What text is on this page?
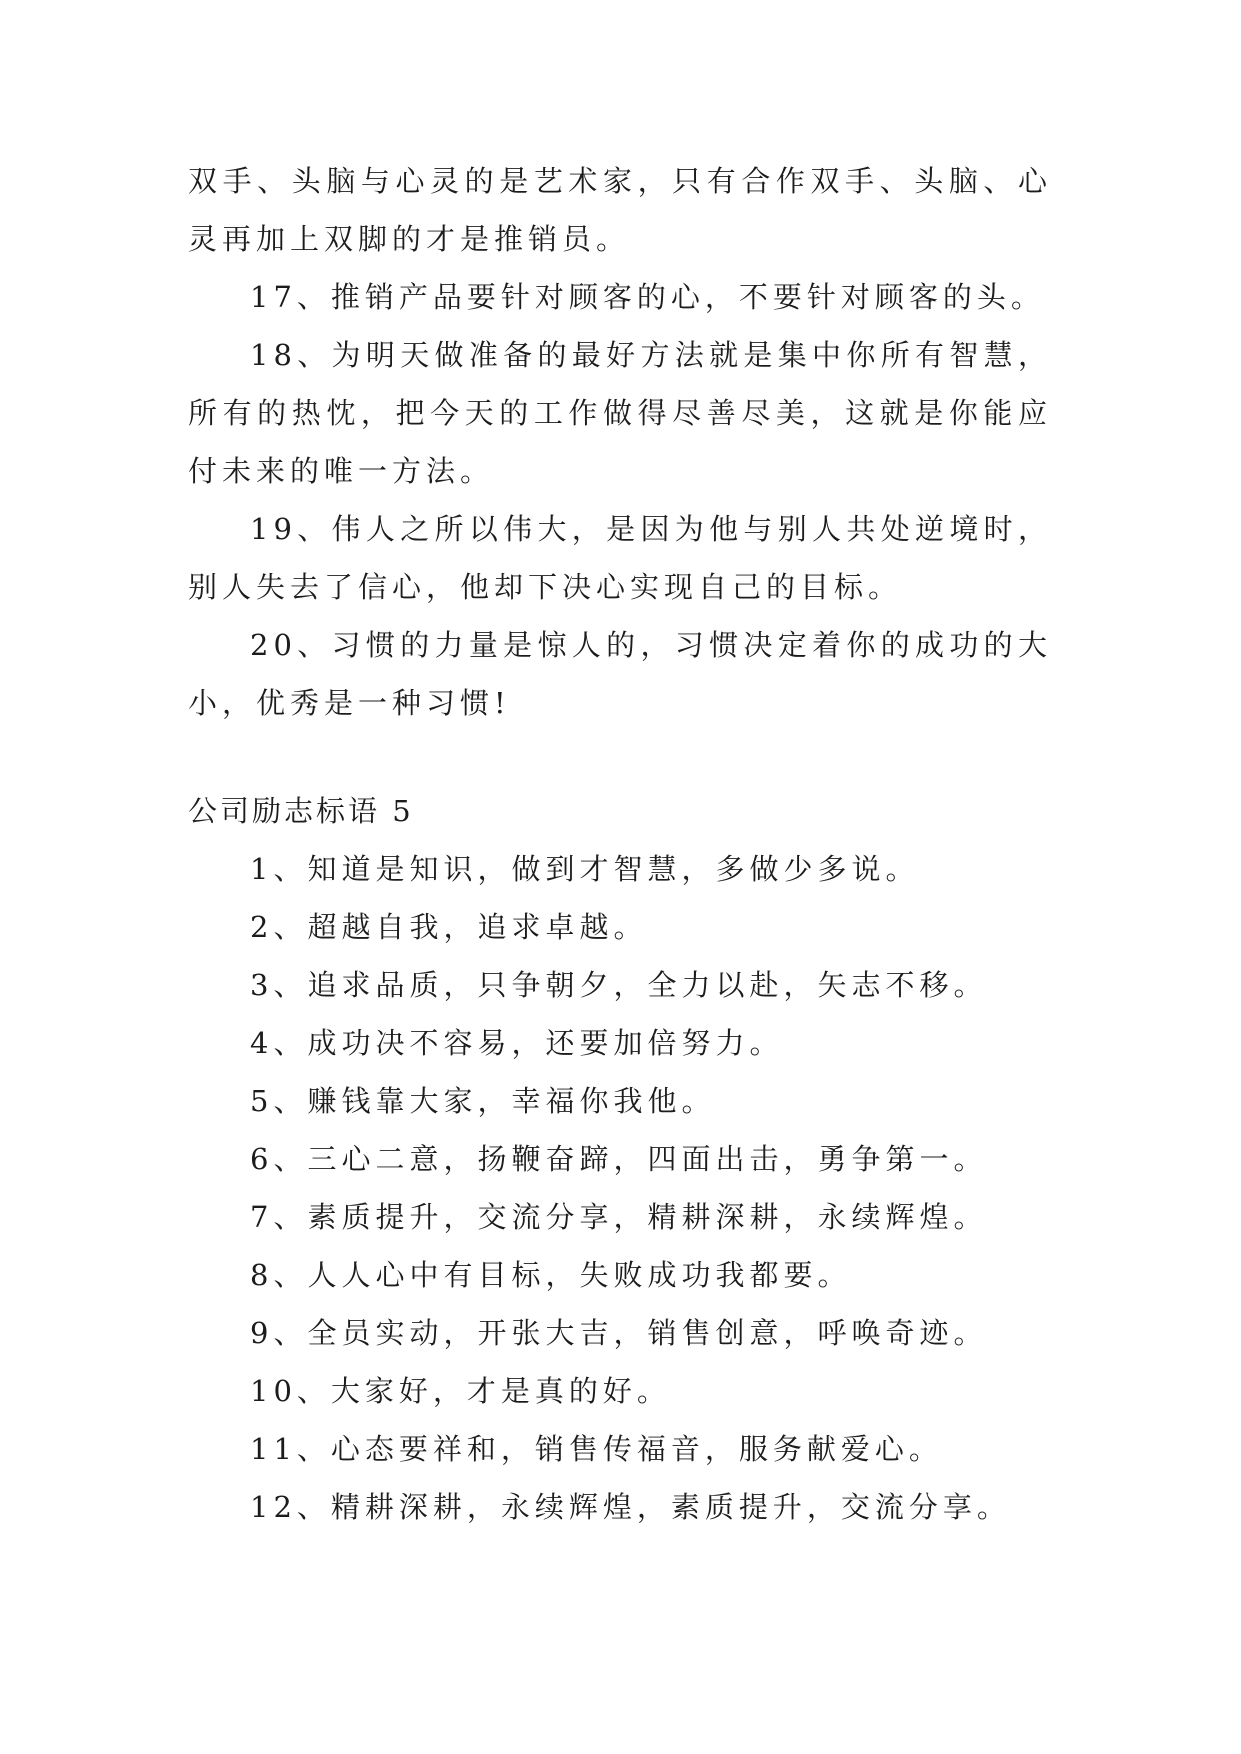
双手、头脑与心灵的是艺术家，只有合作双手、头脑、心灵再加上双脚的才是推销员。

17、推销产品要针对顾客的心，不要针对顾客的头。

18、为明天做准备的最好方法就是集中你所有智慧，所有的热忱，把今天的工作做得尽善尽美，这就是你能应付未来的唯一方法。

19、伟人之所以伟大，是因为他与别人共处逆境时，别人失去了信心，他却下决心实现自己的目标。

20、习惯的力量是惊人的，习惯决定着你的成功的大小，优秀是一种习惯!

公司励志标语 5

1、知道是知识，做到才智慧，多做少多说。

2、超越自我，追求卓越。

3、追求品质，只争朝夕，全力以赴，矢志不移。

4、成功决不容易，还要加倍努力。

5、赚钱靠大家，幸福你我他。

6、三心二意，扬鞭奋蹄，四面出击，勇争第一。

7、素质提升，交流分享，精耕深耕，永续辉煌。

8、人人心中有目标，失败成功我都要。

9、全员实动，开张大吉，销售创意，呼唤奇迹。

10、大家好，才是真的好。

11、心态要祥和，销售传福音，服务献爱心。

12、精耕深耕，永续辉煌，素质提升，交流分享。
